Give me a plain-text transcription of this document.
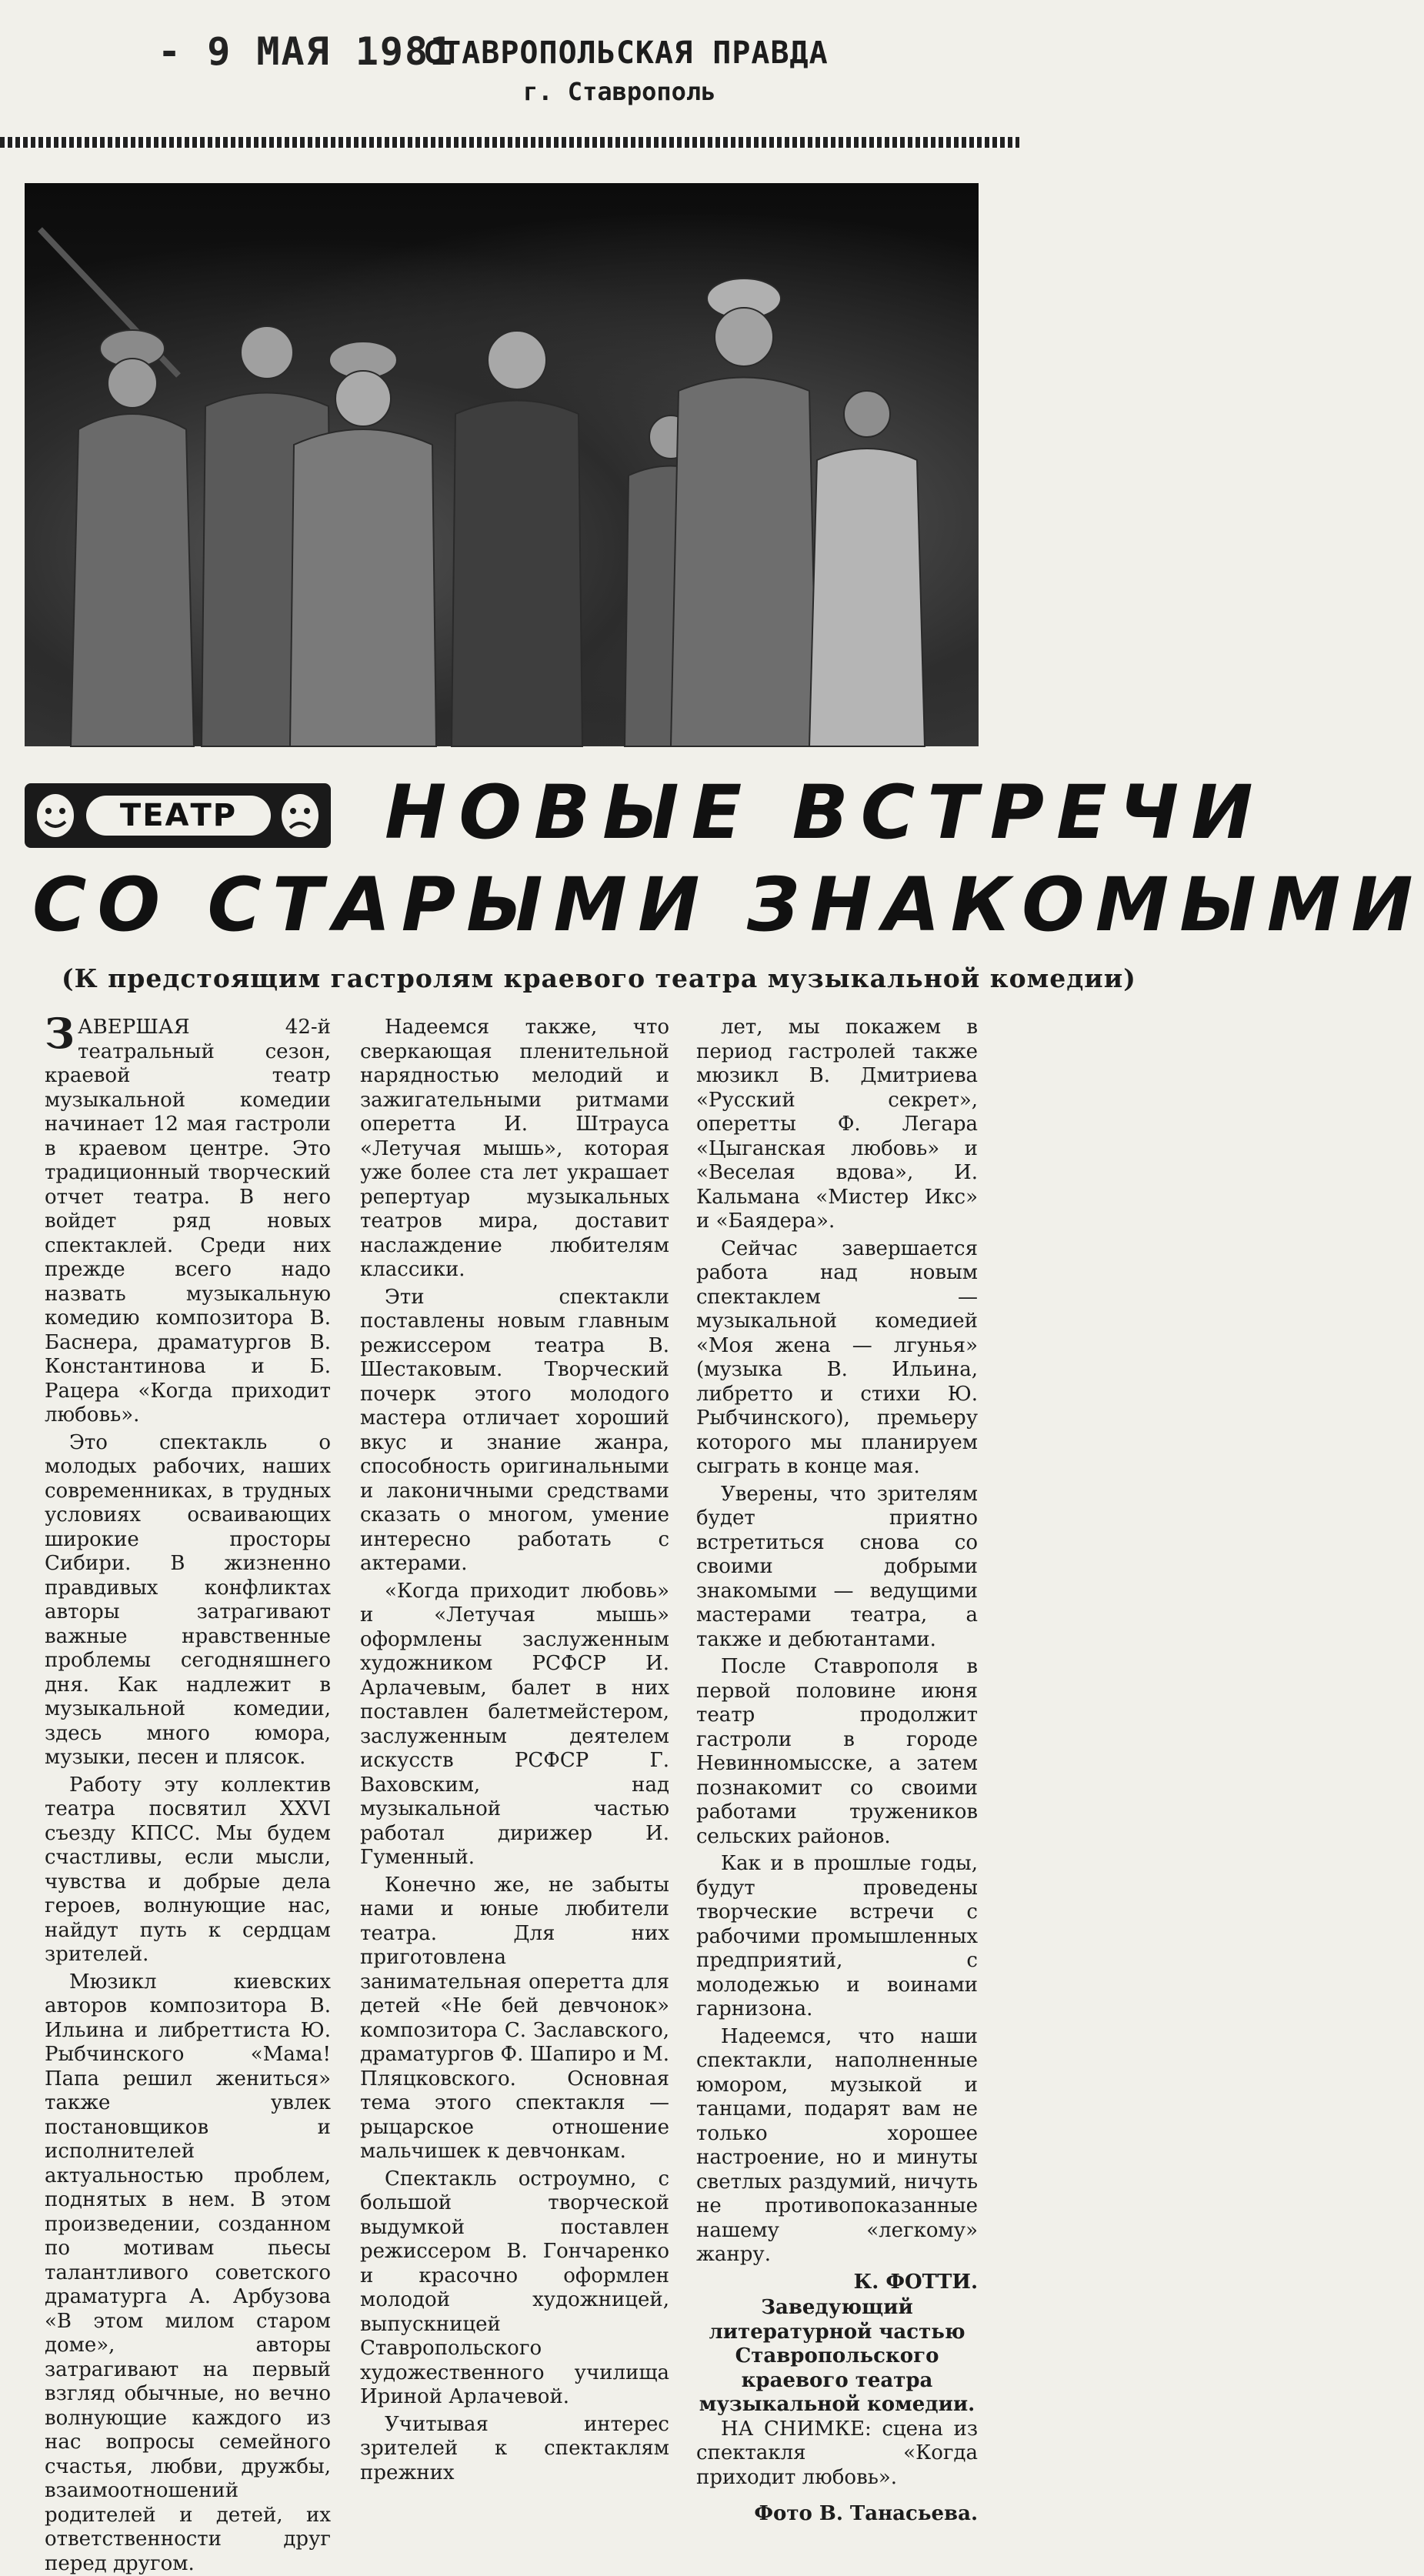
- 9 МАЯ 1981
СТАВРОПОЛЬСКАЯ ПРАВДА
г. Ставрополь
ТЕАТР	НОВЫЕ ВСТРЕЧИ
СО СТАРЫМИ ЗНАКОМЫМИ
(К предстоящим гастролям краевого театра музыкальной комедии)

ЗАВЕРШАЯ 42-й театральный сезон, краевой театр музыкальной комедии начинает 12 мая гастроли в краевом центре. Это традиционный творческий отчет театра. В него войдет ряд новых спектаклей. Среди них прежде всего надо назвать музыкальную комедию композитора В. Баснера, драматургов В. Константинова и Б. Рацера «Когда приходит любовь».

Это спектакль о молодых рабочих, наших современниках, в трудных условиях осваивающих широкие просторы Сибири. В жизненно правдивых конфликтах авторы затрагивают важные нравственные проблемы сегодняшнего дня. Как надлежит в музыкальной комедии, здесь много юмора, музыки, песен и плясок.

Работу эту коллектив театра посвятил XXVI съезду КПСС. Мы будем счастливы, если мысли, чувства и добрые дела героев, волнующие нас, найдут путь к сердцам зрителей.

Мюзикл киевских авторов композитора В. Ильина и либреттиста Ю. Рыбчинского «Мама! Папа решил жениться» также увлек постановщиков и исполнителей актуальностью проблем, поднятых в нем. В этом произведении, созданном по мотивам пьесы талантливого советского драматурга А. Арбузова «В этом милом старом доме», авторы затрагивают на первый взгляд обычные, но вечно волнующие каждого из нас вопросы семейного счастья, любви, дружбы, взаимоотношений родителей и детей, их ответственности друг перед другом.

Надеемся также, что сверкающая пленительной нарядностью мелодий и зажигательными ритмами оперетта И. Штрауса «Летучая мышь», которая уже более ста лет украшает репертуар музыкальных театров мира, доставит наслаждение любителям классики.

Эти спектакли поставлены новым главным режиссером театра В. Шестаковым. Творческий почерк этого молодого мастера отличает хороший вкус и знание жанра, способность оригинальными и лаконичными средствами сказать о многом, умение интересно работать с актерами.

«Когда приходит любовь» и «Летучая мышь» оформлены заслуженным художником РСФСР И. Арлачевым, балет в них поставлен балетмейстером, заслуженным деятелем искусств РСФСР Г. Ваховским, над музыкальной частью работал дирижер И. Гуменный.

Конечно же, не забыты нами и юные любители театра. Для них приготовлена занимательная оперетта для детей «Не бей девчонок» композитора С. Заславского, драматургов Ф. Шапиро и М. Пляцковского. Основная тема этого спектакля — рыцарское отношение мальчишек к девчонкам.

Спектакль остроумно, с большой творческой выдумкой поставлен режиссером В. Гончаренко и красочно оформлен молодой художницей, выпускницей Ставропольского художественного училища Ириной Арлачевой.

Учитывая интерес зрителей к спектаклям прежних

лет, мы покажем в период гастролей также мюзикл В. Дмитриева «Русский секрет», оперетты Ф. Легара «Цыганская любовь» и «Веселая вдова», И. Кальмана «Мистер Икс» и «Баядера».

Сейчас завершается работа над новым спектаклем — музыкальной комедией «Моя жена — лгунья» (музыка В. Ильина, либретто и стихи Ю. Рыбчинского), премьеру которого мы планируем сыграть в конце мая.

Уверены, что зрителям будет приятно встретиться снова со своими добрыми знакомыми — ведущими мастерами театра, а также и дебютантами.

После Ставрополя в первой половине июня театр продолжит гастроли в городе Невинномысске, а затем познакомит со своими работами тружеников сельских районов.

Как и в прошлые годы, будут проведены творческие встречи с рабочими промышленных предприятий, с молодежью и воинами гарнизона.

Надеемся, что наши спектакли, наполненные юмором, музыкой и танцами, подарят вам не только хорошее настроение, но и минуты светлых раздумий, ничуть не противопоказанные нашему «легкому» жанру.

К. ФОТТИ.
Заведующий литературной частью Ставропольского краевого театра музыкальной комедии.

НА СНИМКЕ: сцена из спектакля «Когда приходит любовь».

Фото В. Танасьева.
